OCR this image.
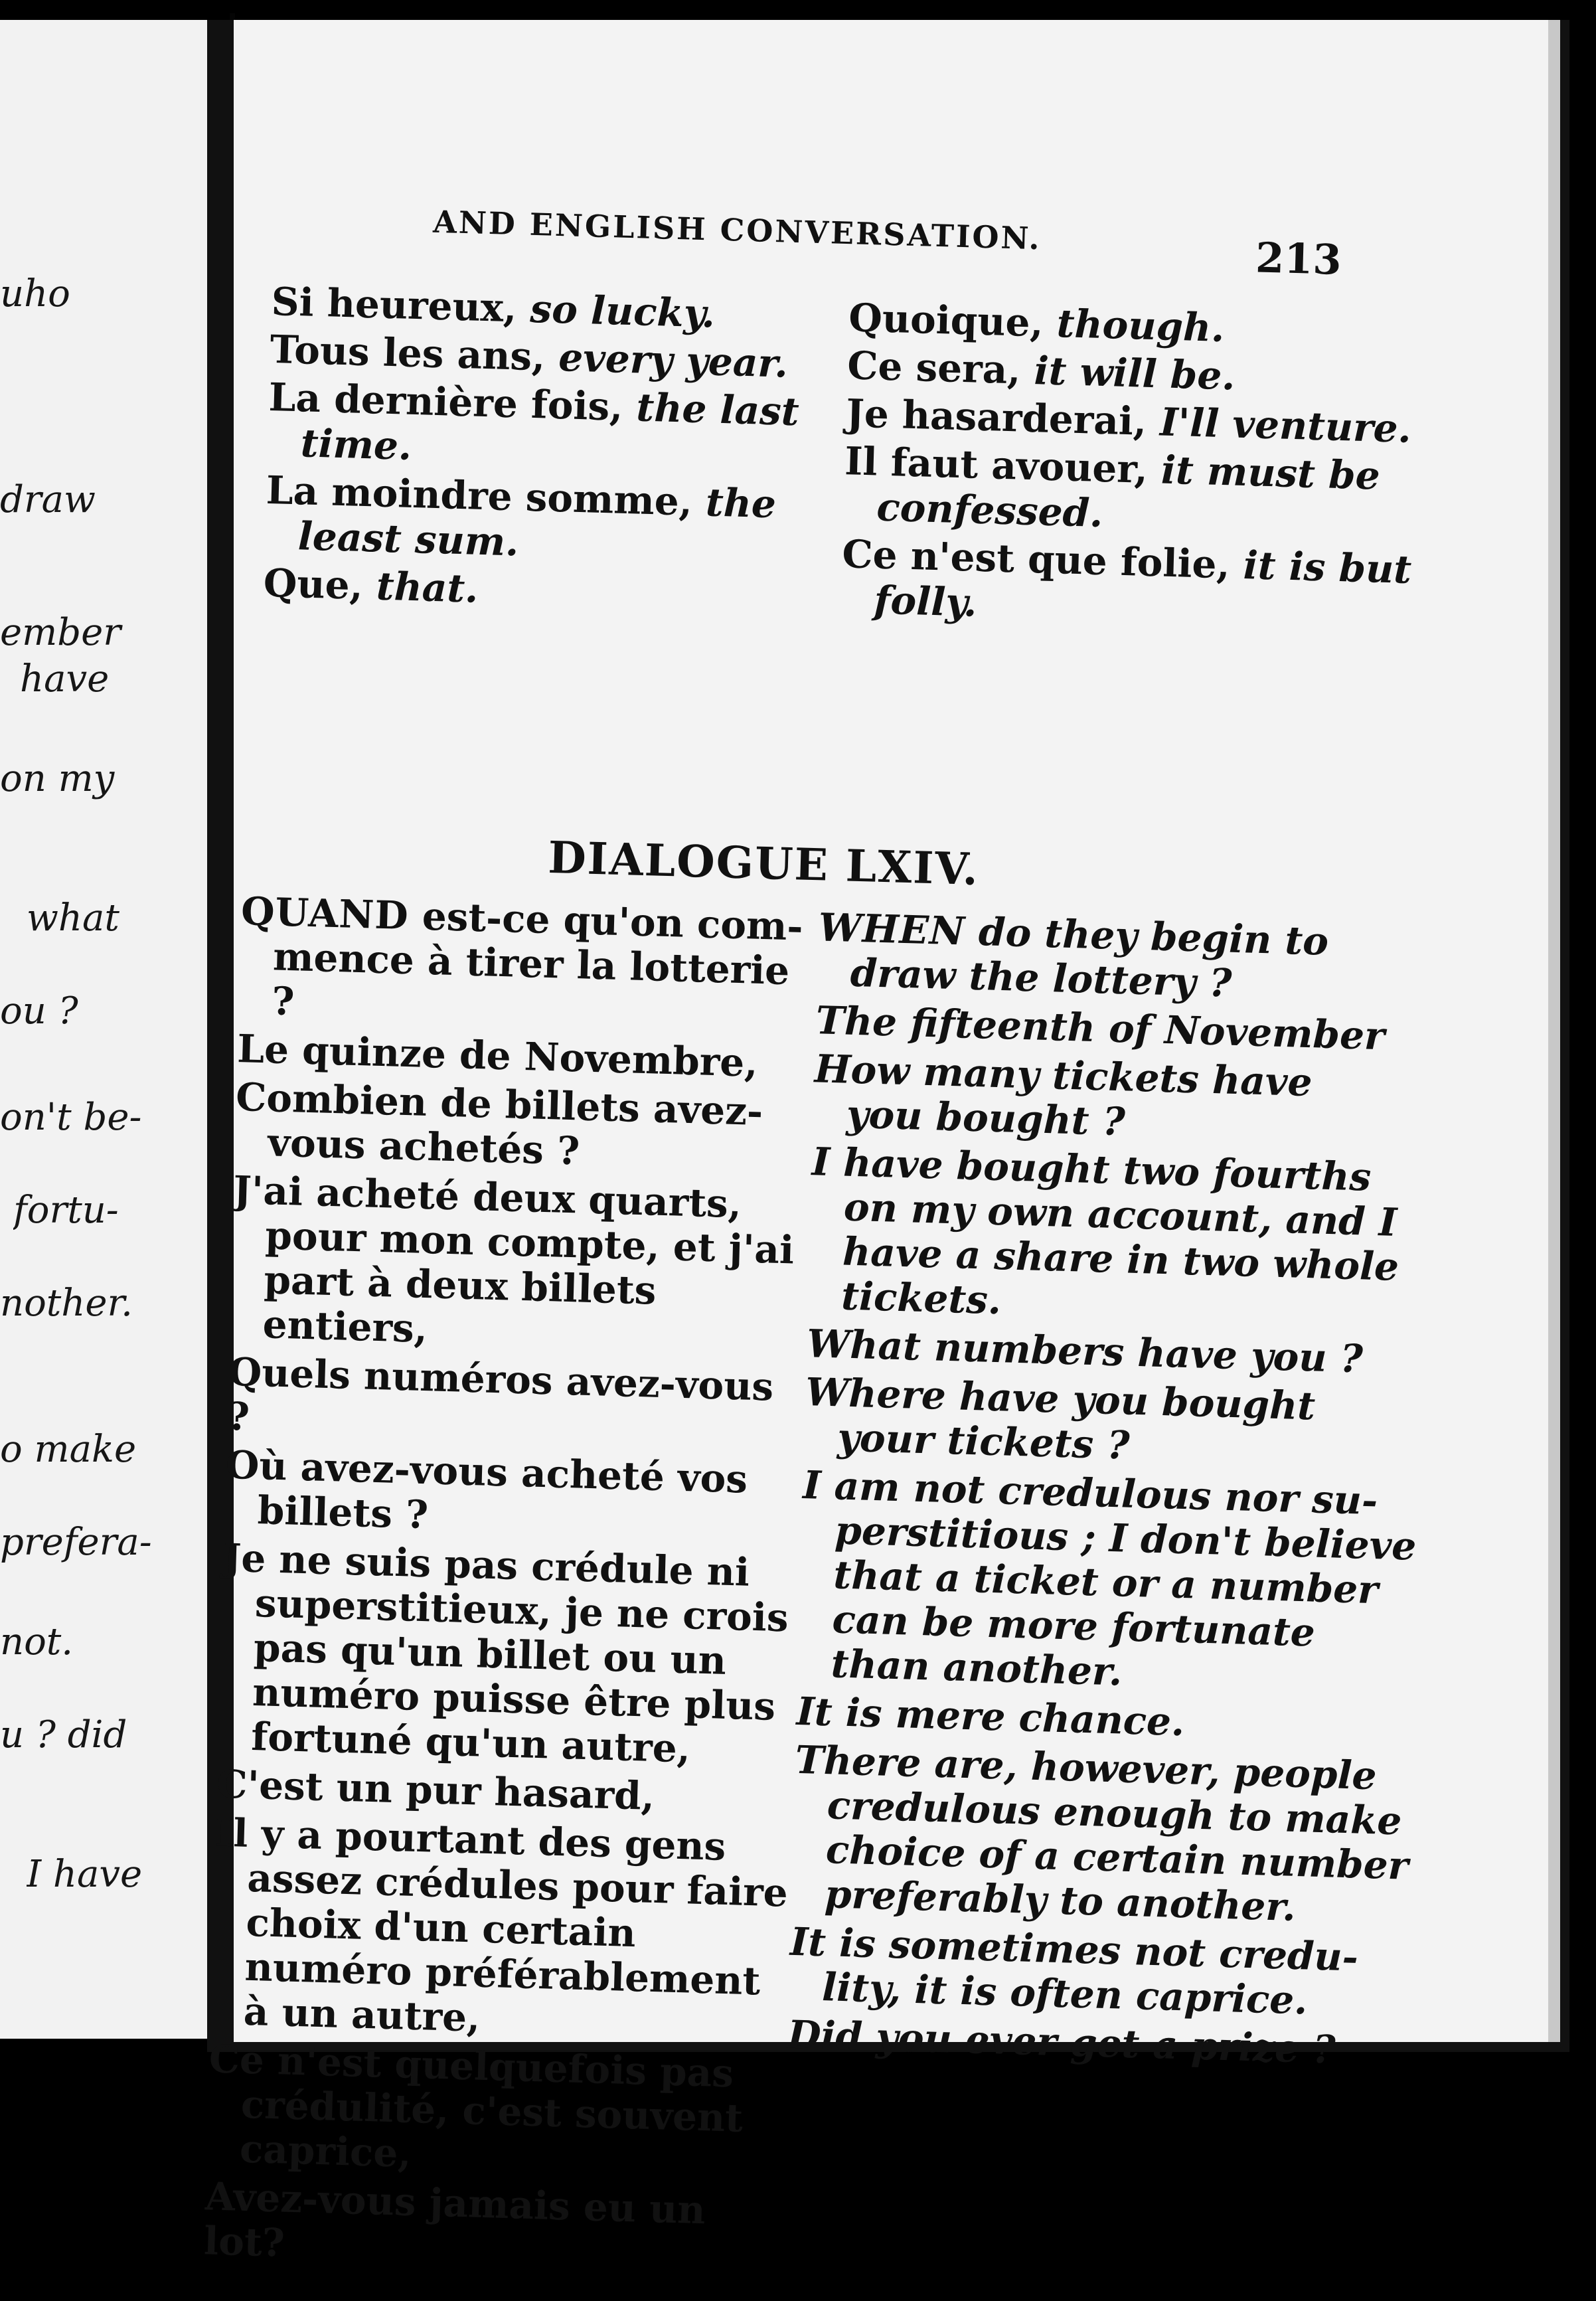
uho
draw
ember
have
on my
what
ou ?
on't be-
fortu-
nother.
o make
prefera-
not.
u ? did
I have
AND ENGLISH CONVERSATION.
213
Si heureux, so lucky.
Tous les ans, every year.
La dernière fois, the last
time.
La moindre somme, the
least sum.
Que, that.
Quoique, though.
Ce sera, it will be.
Je hasarderai, I'll venture.
Il faut avouer, it must be
confessed.
Ce n'est que folie, it is but
folly.
DIALOGUE LXIV.
QUAND est-ce qu'on com-
mence à tirer la lotterie ?
Le quinze de Novembre,
Combien de billets avez-
vous achetés ?
J'ai acheté deux quarts,
pour mon compte, et j'ai part à deux billets entiers,
Quels numéros avez-vous ?
Où avez-vous acheté vos
billets ?
Je ne suis pas crédule ni
superstitieux, je ne crois pas qu'un billet ou un numéro puisse être plus fortuné qu'un autre,
C'est un pur hasard,
Il y a pourtant des gens
assez crédules pour faire choix d'un certain numéro préférablement à un autre,
Ce n'est quelquefois pas
crédulité, c'est souvent caprice,
Avez-vous jamais eu un lot?
WHEN do they begin to
draw the lottery ?
The fifteenth of November
How many tickets have
you bought ?
I have bought two fourths
on my own account, and I have a share in two whole tickets.
What numbers have you ?
Where have you bought
your tickets ?
I am not credulous nor su-
perstitious ; I don't believe that a ticket or a number can be more fortunate than another.
It is mere chance.
There are, however, people
credulous enough to make choice of a certain number preferably to another.
It is sometimes not credu-
lity, it is often caprice.
Did you ever get a prize ?
